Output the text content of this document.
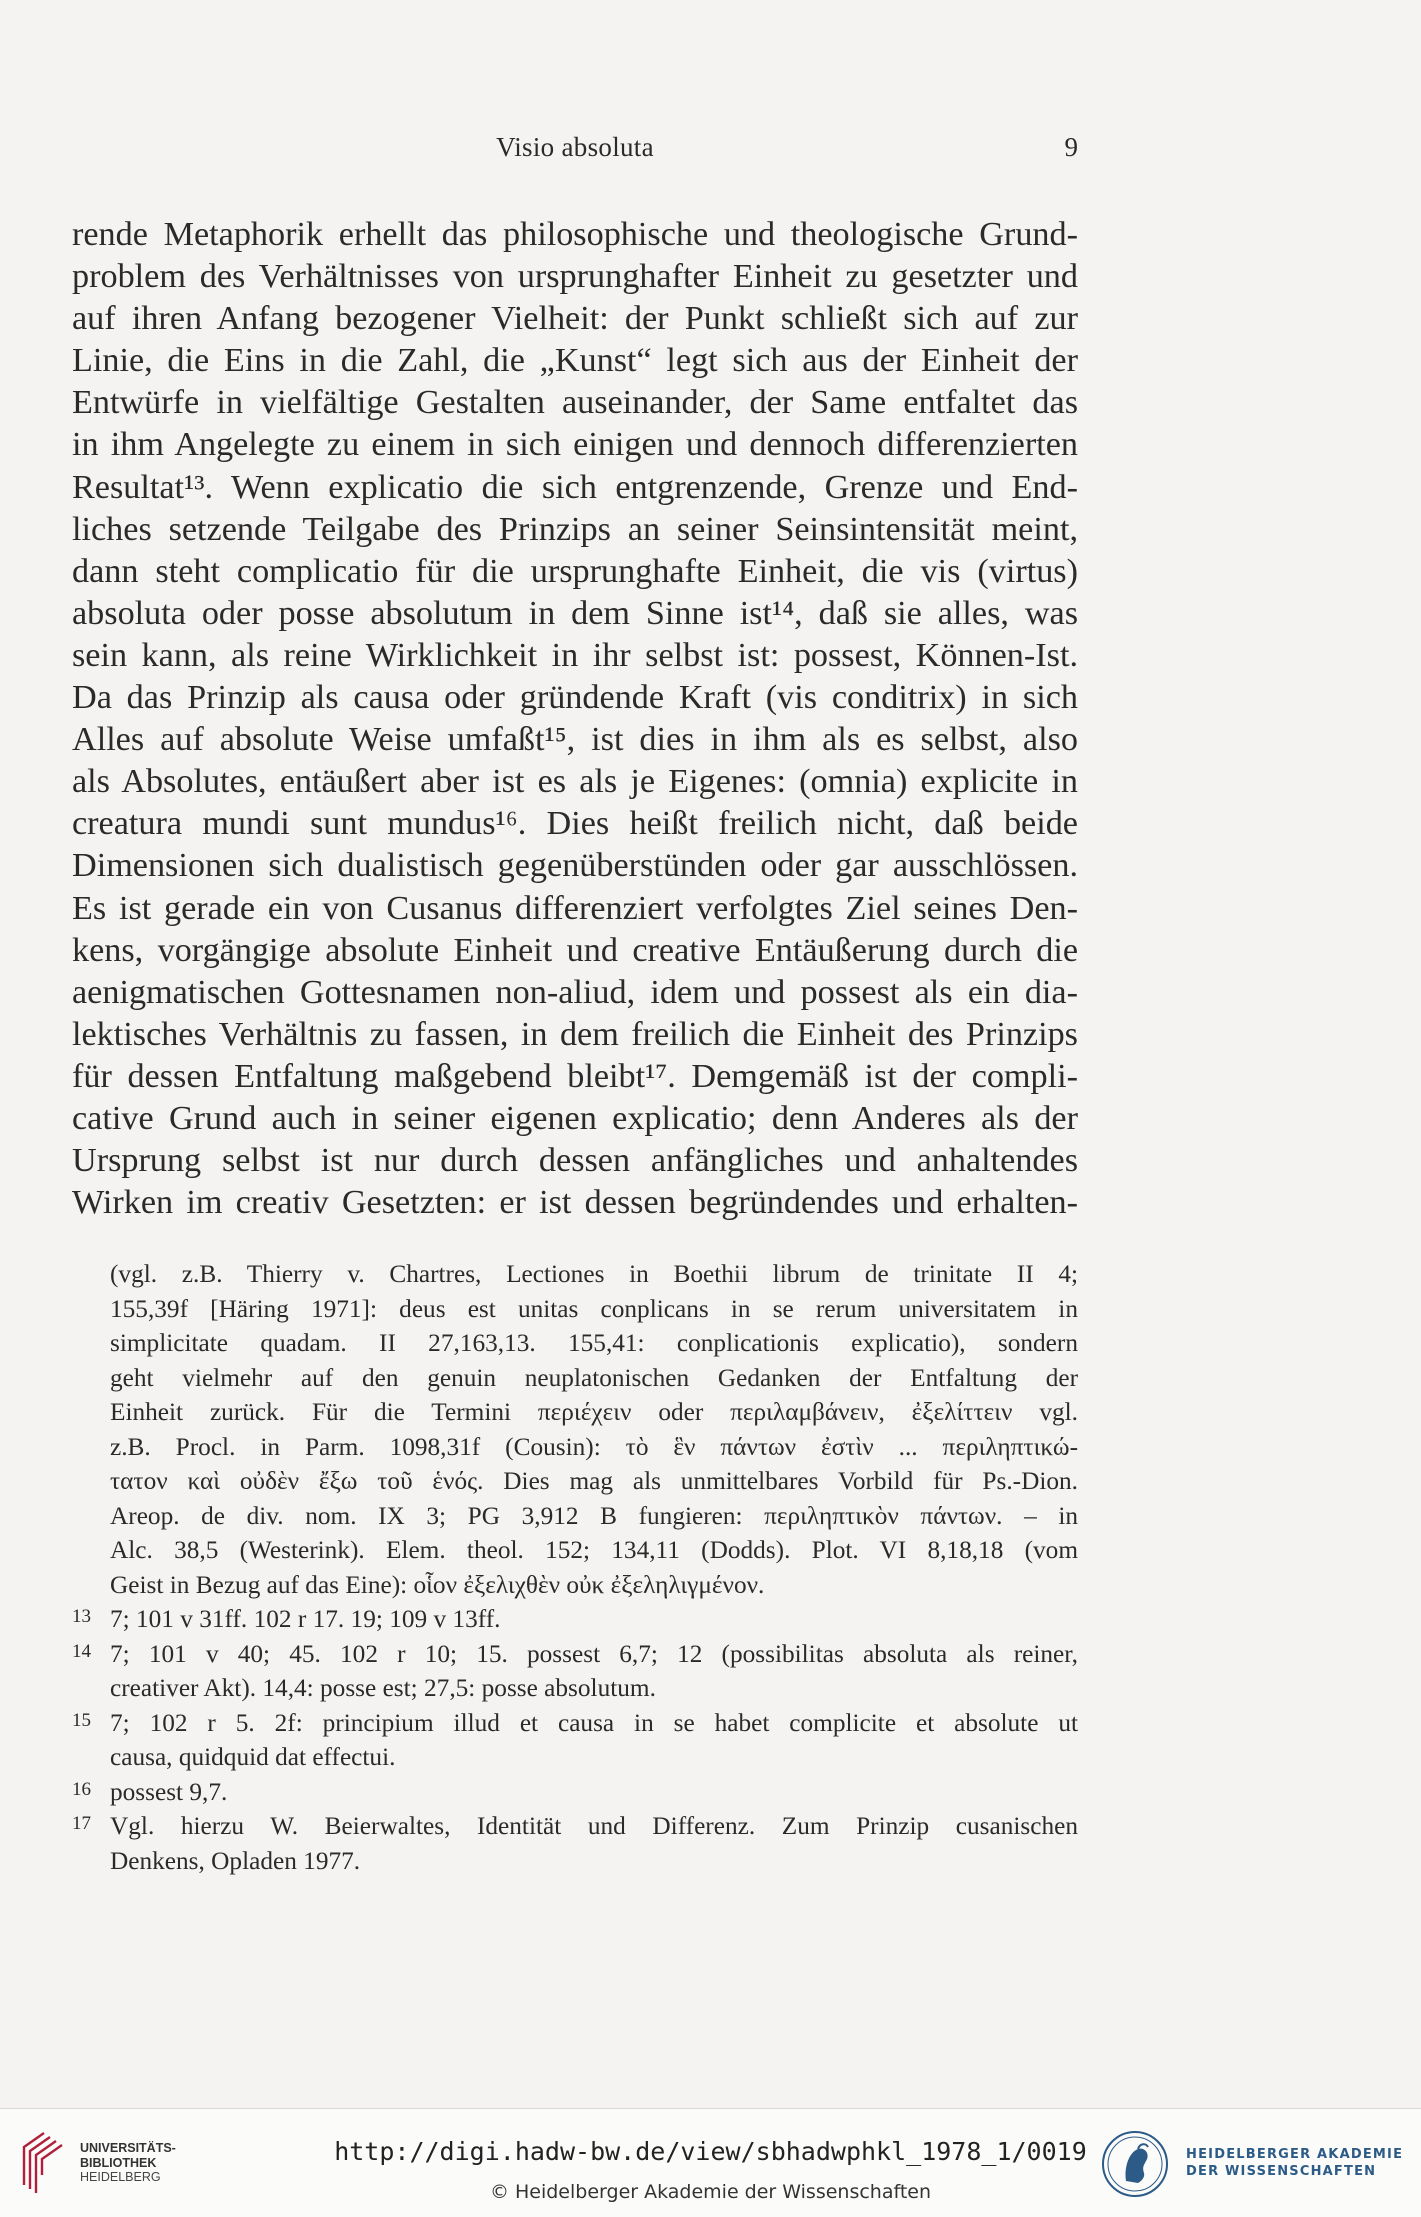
Visio absoluta	9
rende Metaphorik erhellt das philosophische und theologische Grund-
problem des Verhältnisses von ursprunghafter Einheit zu gesetzter und
auf ihren Anfang bezogener Vielheit: der Punkt schließt sich auf zur
Linie, die Eins in die Zahl, die „Kunst“ legt sich aus der Einheit der
Entwürfe in vielfältige Gestalten auseinander, der Same entfaltet das
in ihm Angelegte zu einem in sich einigen und dennoch differenzierten
Resultat¹³. Wenn explicatio die sich entgrenzende, Grenze und End-
liches setzende Teilgabe des Prinzips an seiner Seinsintensität meint,
dann steht complicatio für die ursprunghafte Einheit, die vis (virtus)
absoluta oder posse absolutum in dem Sinne ist¹⁴, daß sie alles, was
sein kann, als reine Wirklichkeit in ihr selbst ist: possest, Können-Ist.
Da das Prinzip als causa oder gründende Kraft (vis conditrix) in sich
Alles auf absolute Weise umfaßt¹⁵, ist dies in ihm als es selbst, also
als Absolutes, entäußert aber ist es als je Eigenes: (omnia) explicite in
creatura mundi sunt mundus¹⁶. Dies heißt freilich nicht, daß beide
Dimensionen sich dualistisch gegenüberstünden oder gar ausschlössen.
Es ist gerade ein von Cusanus differenziert verfolgtes Ziel seines Den-
kens, vorgängige absolute Einheit und creative Entäußerung durch die
aenigmatischen Gottesnamen non-aliud, idem und possest als ein dia-
lektisches Verhältnis zu fassen, in dem freilich die Einheit des Prinzips
für dessen Entfaltung maßgebend bleibt¹⁷. Demgemäß ist der compli-
cative Grund auch in seiner eigenen explicatio; denn Anderes als der
Ursprung selbst ist nur durch dessen anfängliches und anhaltendes
Wirken im creativ Gesetzten: er ist dessen begründendes und erhalten-
(vgl. z.B. Thierry v. Chartres, Lectiones in Boethii librum de trinitate II 4;
155,39f [Häring 1971]: deus est unitas conplicans in se rerum universitatem in
simplicitate quadam. II 27,163,13. 155,41: conplicationis explicatio), sondern
geht vielmehr auf den genuin neuplatonischen Gedanken der Entfaltung der
Einheit zurück. Für die Termini περιέχειν oder περιλαμβάνειν, ἐξελίττειν vgl.
z.B. Procl. in Parm. 1098,31f (Cousin): τὸ ἓν πάντων ἐστὶν ... περιληπτικώ-
τατον καὶ οὐδὲν ἔξω τοῦ ἑνός. Dies mag als unmittelbares Vorbild für Ps.-Dion.
Areop. de div. nom. IX 3; PG 3,912 B fungieren: περιληπτικὸν πάντων. – in
Alc. 38,5 (Westerink). Elem. theol. 152; 134,11 (Dodds). Plot. VI 8,18,18 (vom
Geist in Bezug auf das Eine): οἷον ἐξελιχθὲν οὐκ ἐξεληλιγμένον.
13 7; 101 v 31ff. 102 r 17. 19; 109 v 13ff.
14 7; 101 v 40; 45. 102 r 10; 15. possest 6,7; 12 (possibilitas absoluta als reiner,
creativer Akt). 14,4: posse est; 27,5: posse absolutum.
15 7; 102 r 5. 2f: principium illud et causa in se habet complicite et absolute ut
causa, quidquid dat effectui.
16 possest 9,7.
17 Vgl. hierzu W. Beierwaltes, Identität und Differenz. Zum Prinzip cusanischen
Denkens, Opladen 1977.
UNIVERSITÄTS-
BIBLIOTHEK
HEIDELBERG
http://digi.hadw-bw.de/view/sbhadwphkl_1978_1/0019
© Heidelberger Akademie der Wissenschaften
HEIDELBERGER AKADEMIE
DER WISSENSCHAFTEN
